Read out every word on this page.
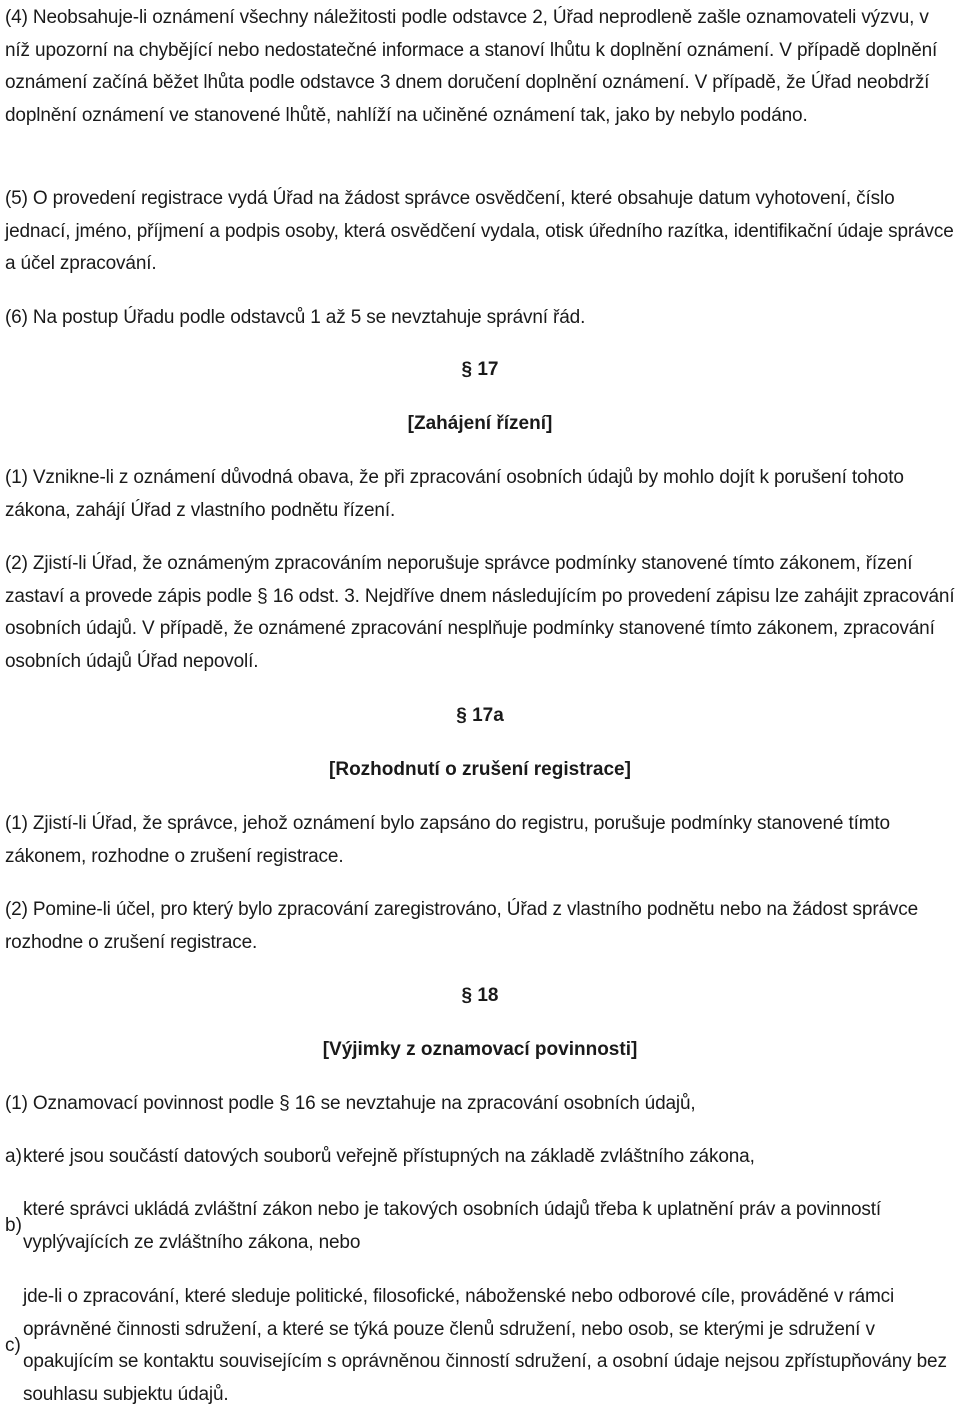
(4) Neobsahuje-li oznámení všechny náležitosti podle odstavce 2, Úřad neprodleně zašle oznamovateli výzvu, v níž upozorní na chybějící nebo nedostatečné informace a stanoví lhůtu k doplnění oznámení. V případě doplnění oznámení začíná běžet lhůta podle odstavce 3 dnem doručení doplnění oznámení. V případě, že Úřad neobdrží doplnění oznámení ve stanovené lhůtě, nahlíží na učiněné oznámení tak, jako by nebylo podáno.

(5) O provedení registrace vydá Úřad na žádost správce osvědčení, které obsahuje datum vyhotovení, číslo jednací, jméno, příjmení a podpis osoby, která osvědčení vydala, otisk úředního razítka, identifikační údaje správce a účel zpracování.

(6) Na postup Úřadu podle odstavců 1 až 5 se nevztahuje správní řád.

§ 17
[Zahájení řízení]

(1) Vznikne-li z oznámení důvodná obava, že při zpracování osobních údajů by mohlo dojít k porušení tohoto zákona, zahájí Úřad z vlastního podnětu řízení.

(2) Zjistí-li Úřad, že oznámeným zpracováním neporušuje správce podmínky stanovené tímto zákonem, řízení zastaví a provede zápis podle § 16 odst. 3. Nejdříve dnem následujícím po provedení zápisu lze zahájit zpracování osobních údajů. V případě, že oznámené zpracování nesplňuje podmínky stanovené tímto zákonem, zpracování osobních údajů Úřad nepovolí.

§ 17a
[Rozhodnutí o zrušení registrace]

(1) Zjistí-li Úřad, že správce, jehož oznámení bylo zapsáno do registru, porušuje podmínky stanovené tímto zákonem, rozhodne o zrušení registrace.

(2) Pomine-li účel, pro který bylo zpracování zaregistrováno, Úřad z vlastního podnětu nebo na žádost správce rozhodne o zrušení registrace.

§ 18
[Výjimky z oznamovací povinnosti]

(1) Oznamovací povinnost podle § 16 se nevztahuje na zpracování osobních údajů,

a) které jsou součástí datových souborů veřejně přístupných na základě zvláštního zákona,
b)
které správci ukládá zvláštní zákon nebo je takových osobních údajů třeba k uplatnění práv a povinností vyplývajících ze zvláštního zákona, nebo
c)
jde-li o zpracování, které sleduje politické, filosofické, náboženské nebo odborové cíle, prováděné v rámci oprávněné činnosti sdružení, a které se týká pouze členů sdružení, nebo osob, se kterými je sdružení v opakujícím se kontaktu souvisejícím s oprávněnou činností sdružení, a osobní údaje nejsou zpřístupňovány bez souhlasu subjektu údajů.
